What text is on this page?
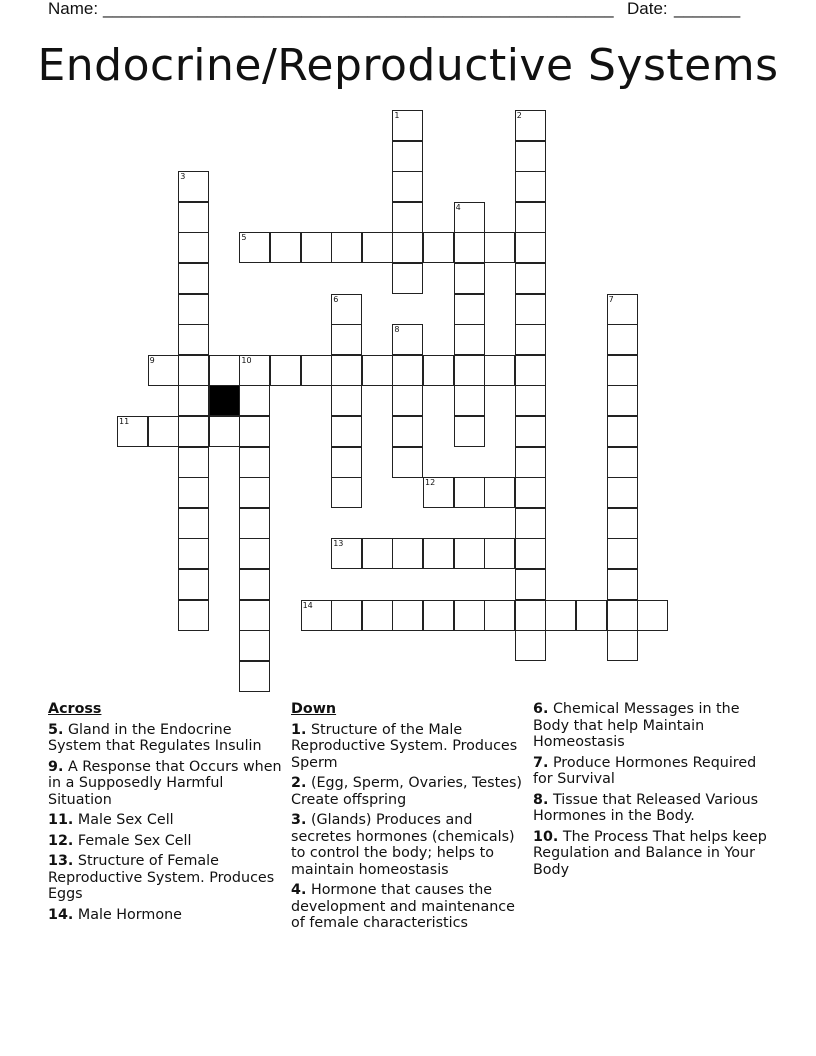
Name: ______________________________________________________ Date: _______
Endocrine/Reproductive Systems
1	2
3
4
5
6	7
8
9	10
11
12
13
14
Across
5. Gland in the Endocrine System that Regulates Insulin
9. A Response that Occurs when in a Supposedly Harmful Situation
11. Male Sex Cell
12. Female Sex Cell
13. Structure of Female Reproductive System. Produces Eggs
14. Male Hormone
Down
1. Structure of the Male Reproductive System. Produces Sperm
2. (Egg, Sperm, Ovaries, Testes) Create offspring
3. (Glands) Produces and secretes hormones (chemicals) to control the body; helps to maintain homeostasis
4. Hormone that causes the development and maintenance of female characteristics
6. Chemical Messages in the Body that help Maintain Homeostasis
7. Produce Hormones Required for Survival
8. Tissue that Released Various Hormones in the Body.
10. The Process That helps keep Regulation and Balance in Your Body
